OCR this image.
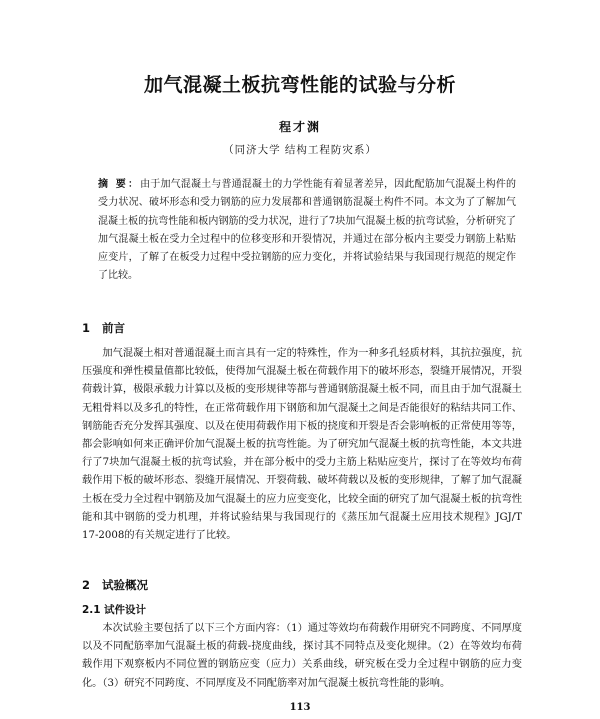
加气混凝土板抗弯性能的试验与分析
程才渊
（同济大学 结构工程防灾系）
摘 要：由于加气混凝土与普通混凝土的力学性能有着显著差异，因此配筋加气混凝土构件的受力状况、破坏形态和受力钢筋的应力发展都和普通钢筋混凝土构件不同。本文为了了解加气混凝土板的抗弯性能和板内钢筋的受力状况，进行了7块加气混凝土板的抗弯试验，分析研究了加气混凝土板在受力全过程中的位移变形和开裂情况，并通过在部分板内主要受力钢筋上粘贴应变片，了解了在板受力过程中受拉钢筋的应力变化，并将试验结果与我国现行规范的规定作了比较。
1 前言

加气混凝土相对普通混凝土而言具有一定的特殊性，作为一种多孔轻质材料，其抗拉强度，抗压强度和弹性模量值都比较低，使得加气混凝土板在荷载作用下的破坏形态，裂缝开展情况，开裂荷载计算，极限承载力计算以及板的变形规律等都与普通钢筋混凝土板不同，而且由于加气混凝土无粗骨料以及多孔的特性，在正常荷载作用下钢筋和加气混凝土之间是否能很好的粘结共同工作、钢筋能否充分发挥其强度、以及在使用荷载作用下板的挠度和开裂是否会影响板的正常使用等等，都会影响如何来正确评价加气混凝土板的抗弯性能。为了研究加气混凝土板的抗弯性能，本文共进行了7块加气混凝土板的抗弯试验，并在部分板中的受力主筋上粘贴应变片，探讨了在等效均布荷载作用下板的破坏形态、裂缝开展情况、开裂荷载、破坏荷载以及板的变形规律，了解了加气混凝土板在受力全过程中钢筋及加气混凝土的应力应变变化，比较全面的研究了加气混凝土板的抗弯性能和其中钢筋的受力机理，并将试验结果与我国现行的《蒸压加气混凝土应用技术规程》JGJ/T 17-2008的有关规定进行了比较。

2 试验概况
2.1 试件设计

本次试验主要包括了以下三个方面内容：（1）通过等效均布荷载作用研究不同跨度、不同厚度以及不同配筋率加气混凝土板的荷载-挠度曲线，探讨其不同特点及变化规律。（2）在等效均布荷载作用下观察板内不同位置的钢筋应变（应力）关系曲线，研究板在受力全过程中钢筋的应力变化。（3）研究不同跨度、不同厚度及不同配筋率对加气混凝土板抗弯性能的影响。

113
